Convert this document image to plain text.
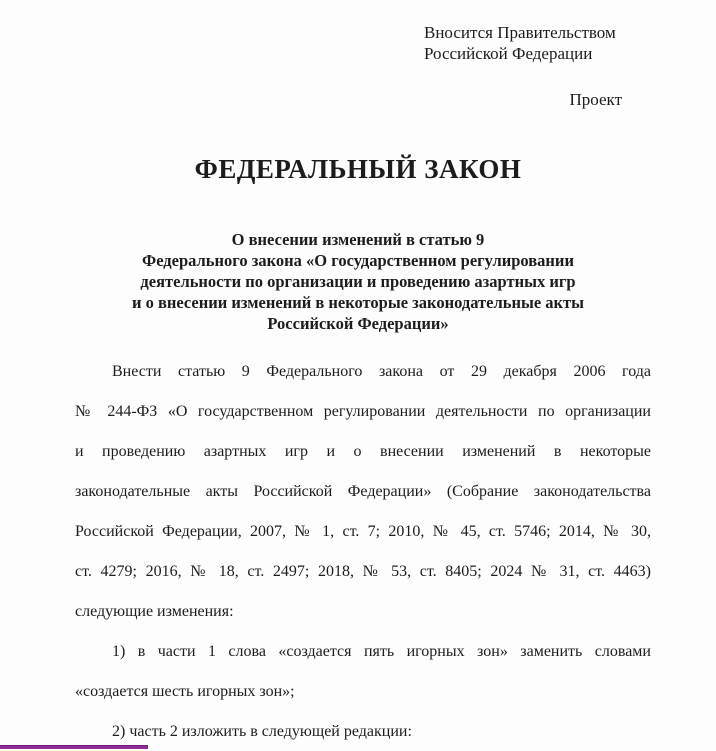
Вносится Правительством
Российской Федерации
Проект
ФЕДЕРАЛЬНЫЙ ЗАКОН
О внесении изменений в статью 9
Федерального закона «О государственном регулировании
деятельности по организации и проведению азартных игр
и о внесении изменений в некоторые законодательные акты
Российской Федерации»
Внести статью 9 Федерального закона от 29 декабря 2006 года
№ 244-ФЗ «О государственном регулировании деятельности по организации
и проведению азартных игр и о внесении изменений в некоторые
законодательные акты Российской Федерации» (Собрание законодательства
Российской Федерации, 2007, № 1, ст. 7; 2010, № 45, ст. 5746; 2014, № 30,
ст. 4279; 2016, № 18, ст. 2497; 2018, № 53, ст. 8405; 2024 № 31, ст. 4463)
следующие изменения:
1) в части 1 слова «создается пять игорных зон» заменить словами
«создается шесть игорных зон»;
2) часть 2 изложить в следующей редакции:
